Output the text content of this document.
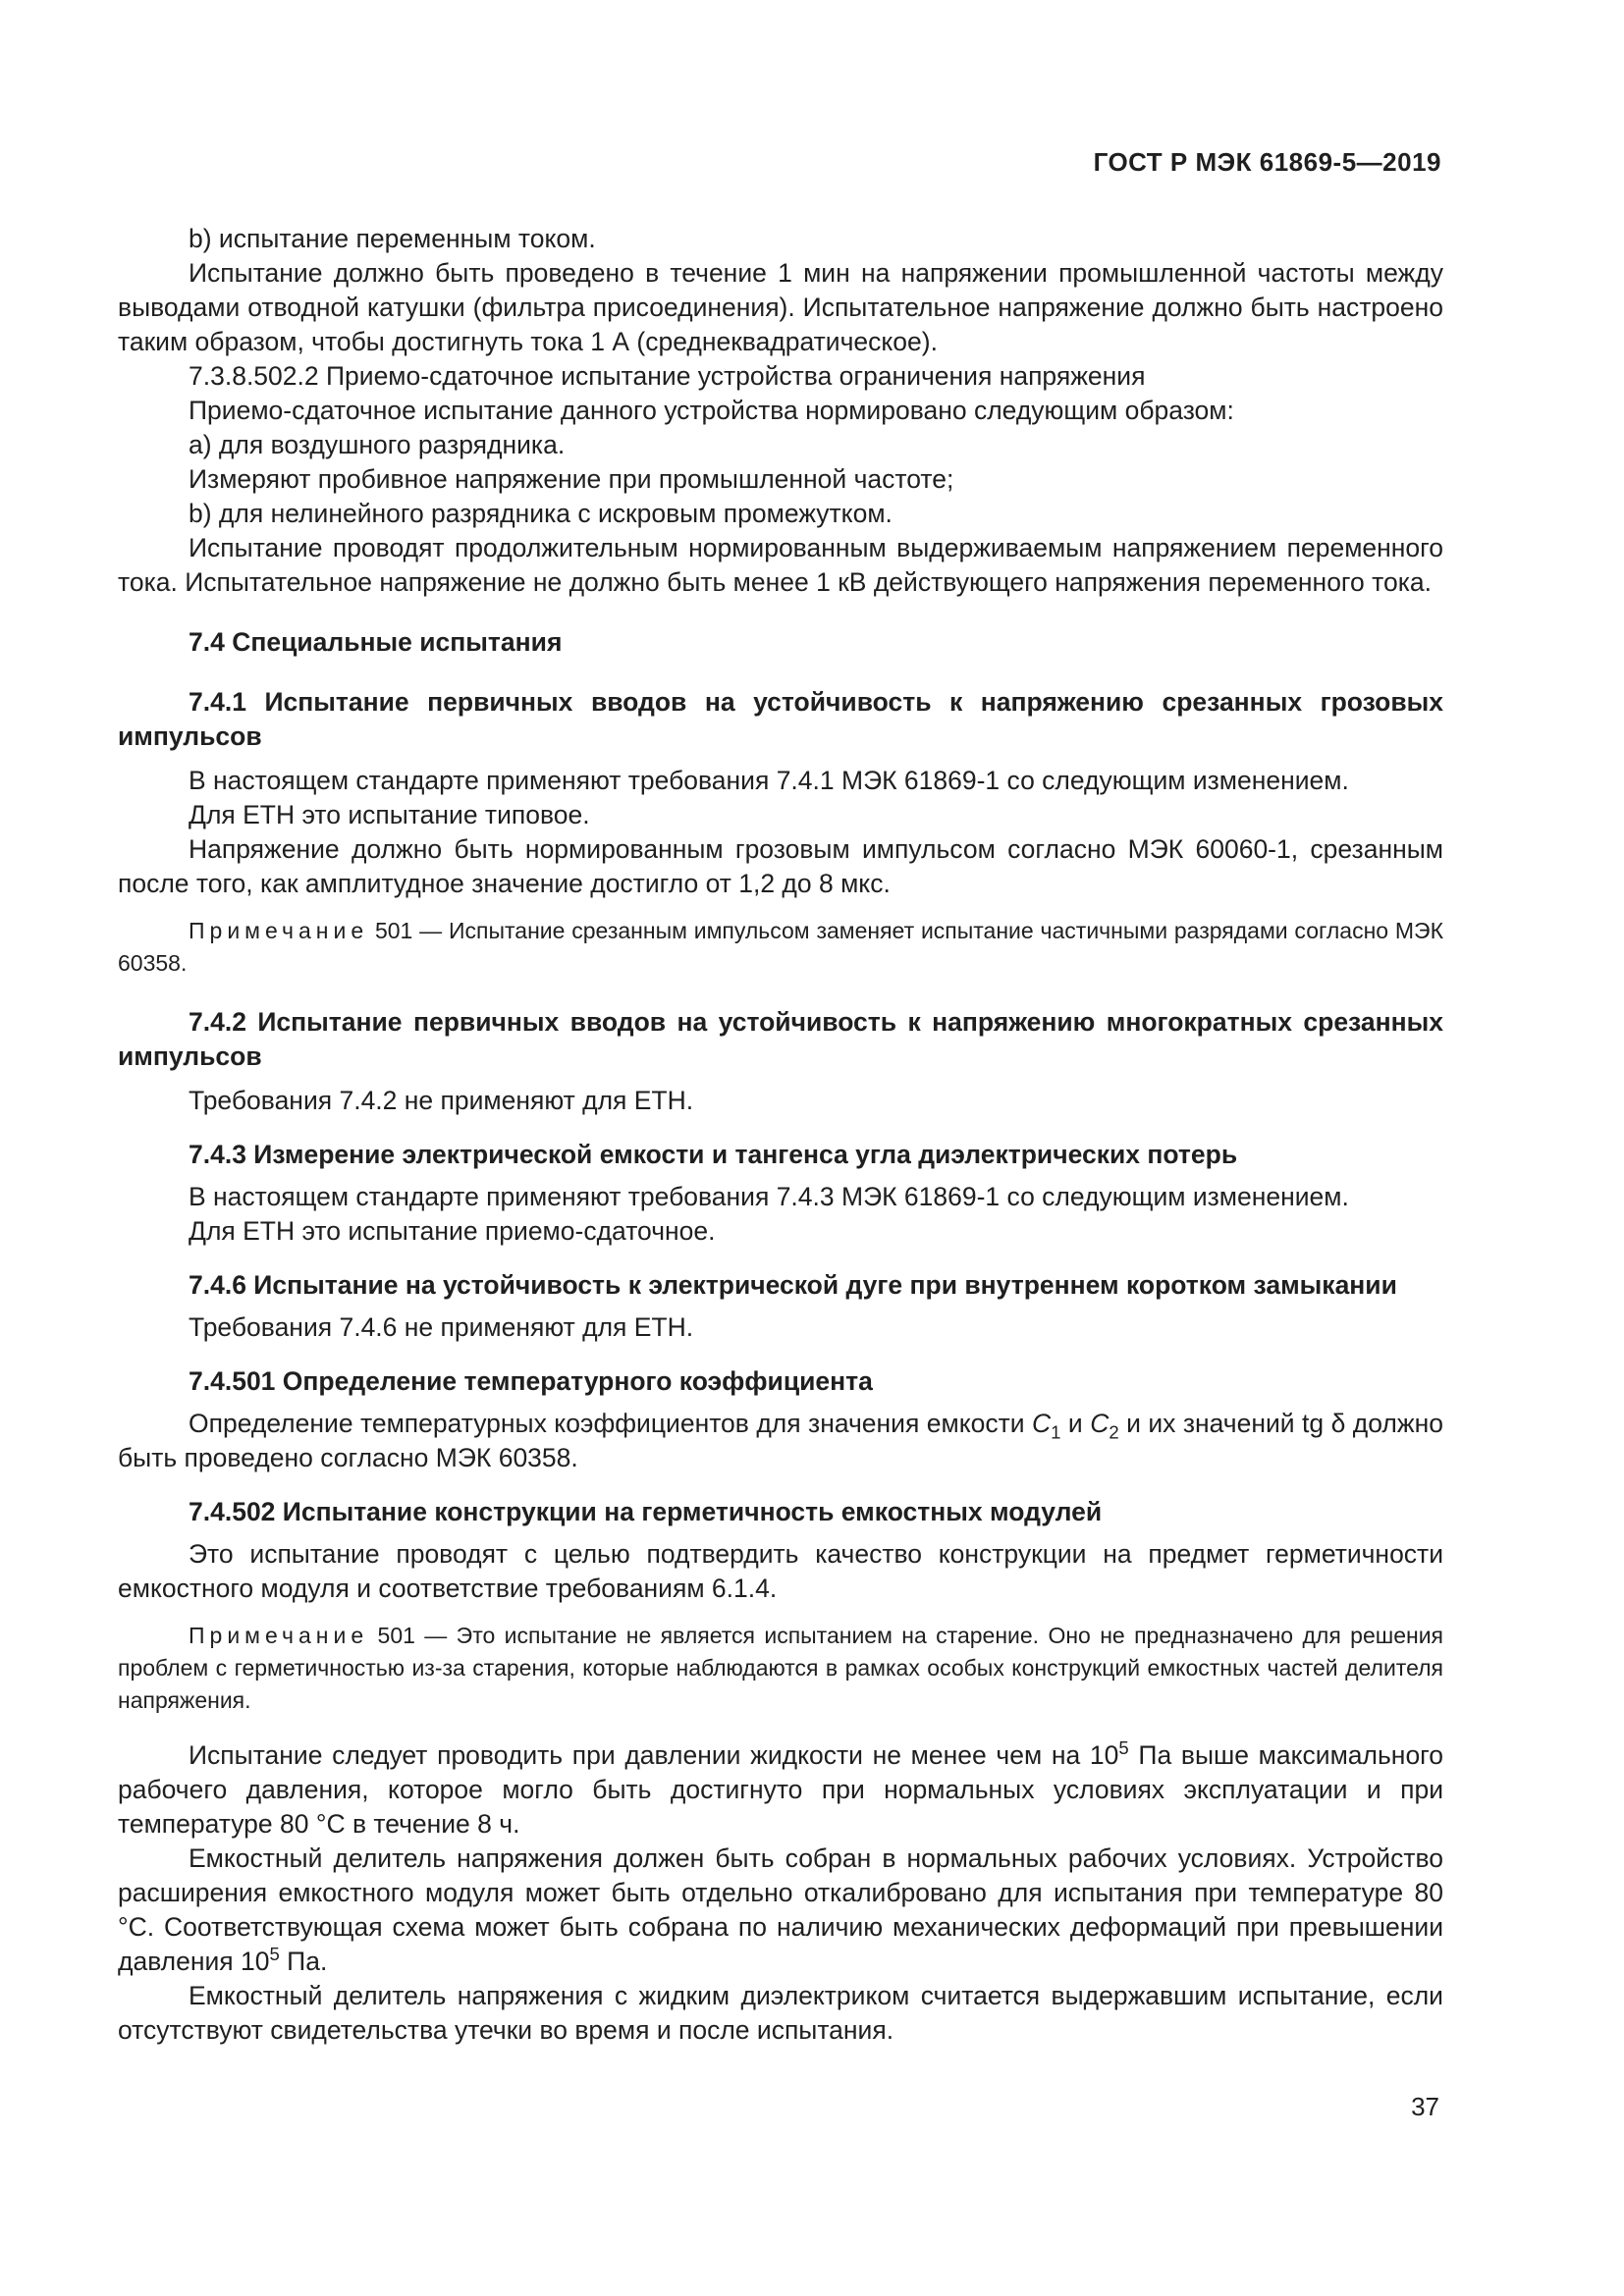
ГОСТ Р МЭК 61869-5—2019

b) испытание переменным током.

Испытание должно быть проведено в течение 1 мин на напряжении промышленной частоты между выводами отводной катушки (фильтра присоединения). Испытательное напряжение должно быть настроено таким образом, чтобы достигнуть тока 1 А (среднеквадратическое).

7.3.8.502.2 Приемо-сдаточное испытание устройства ограничения напряжения

Приемо-сдаточное испытание данного устройства нормировано следующим образом:

a) для воздушного разрядника.

Измеряют пробивное напряжение при промышленной частоте;

b) для нелинейного разрядника с искровым промежутком.

Испытание проводят продолжительным нормированным выдерживаемым напряжением переменного тока. Испытательное напряжение не должно быть менее 1 кВ действующего напряжения переменного тока.

7.4 Специальные испытания

7.4.1 Испытание первичных вводов на устойчивость к напряжению срезанных грозовых импульсов

В настоящем стандарте применяют требования 7.4.1 МЭК 61869-1 со следующим изменением.

Для ЕТН это испытание типовое.

Напряжение должно быть нормированным грозовым импульсом согласно МЭК 60060-1, срезанным после того, как амплитудное значение достигло от 1,2 до 8 мкс.

Примечание 501 — Испытание срезанным импульсом заменяет испытание частичными разрядами согласно МЭК 60358.

7.4.2 Испытание первичных вводов на устойчивость к напряжению многократных срезанных импульсов

Требования 7.4.2 не применяют для ЕТН.

7.4.3 Измерение электрической емкости и тангенса угла диэлектрических потерь

В настоящем стандарте применяют требования 7.4.3 МЭК 61869-1 со следующим изменением.

Для ЕТН это испытание приемо-сдаточное.

7.4.6 Испытание на устойчивость к электрической дуге при внутреннем коротком замыкании

Требования 7.4.6 не применяют для ЕТН.

7.4.501 Определение температурного коэффициента

Определение температурных коэффициентов для значения емкости $C_1$ и $C_2$ и их значений tg δ должно быть проведено согласно МЭК 60358.

7.4.502 Испытание конструкции на герметичность емкостных модулей

Это испытание проводят с целью подтвердить качество конструкции на предмет герметичности емкостного модуля и соответствие требованиям 6.1.4.

Примечание 501 — Это испытание не является испытанием на старение. Оно не предназначено для решения проблем с герметичностью из-за старения, которые наблюдаются в рамках особых конструкций емкостных частей делителя напряжения.

Испытание следует проводить при давлении жидкости не менее чем на $10^5$ Па выше максимального рабочего давления, которое могло быть достигнуто при нормальных условиях эксплуатации и при температуре 80 °С в течение 8 ч.

Емкостный делитель напряжения должен быть собран в нормальных рабочих условиях. Устройство расширения емкостного модуля может быть отдельно откалибровано для испытания при температуре 80 °С. Соответствующая схема может быть собрана по наличию механических деформаций при превышении давления $10^5$ Па.

Емкостный делитель напряжения с жидким диэлектриком считается выдержавшим испытание, если отсутствуют свидетельства утечки во время и после испытания.

37
